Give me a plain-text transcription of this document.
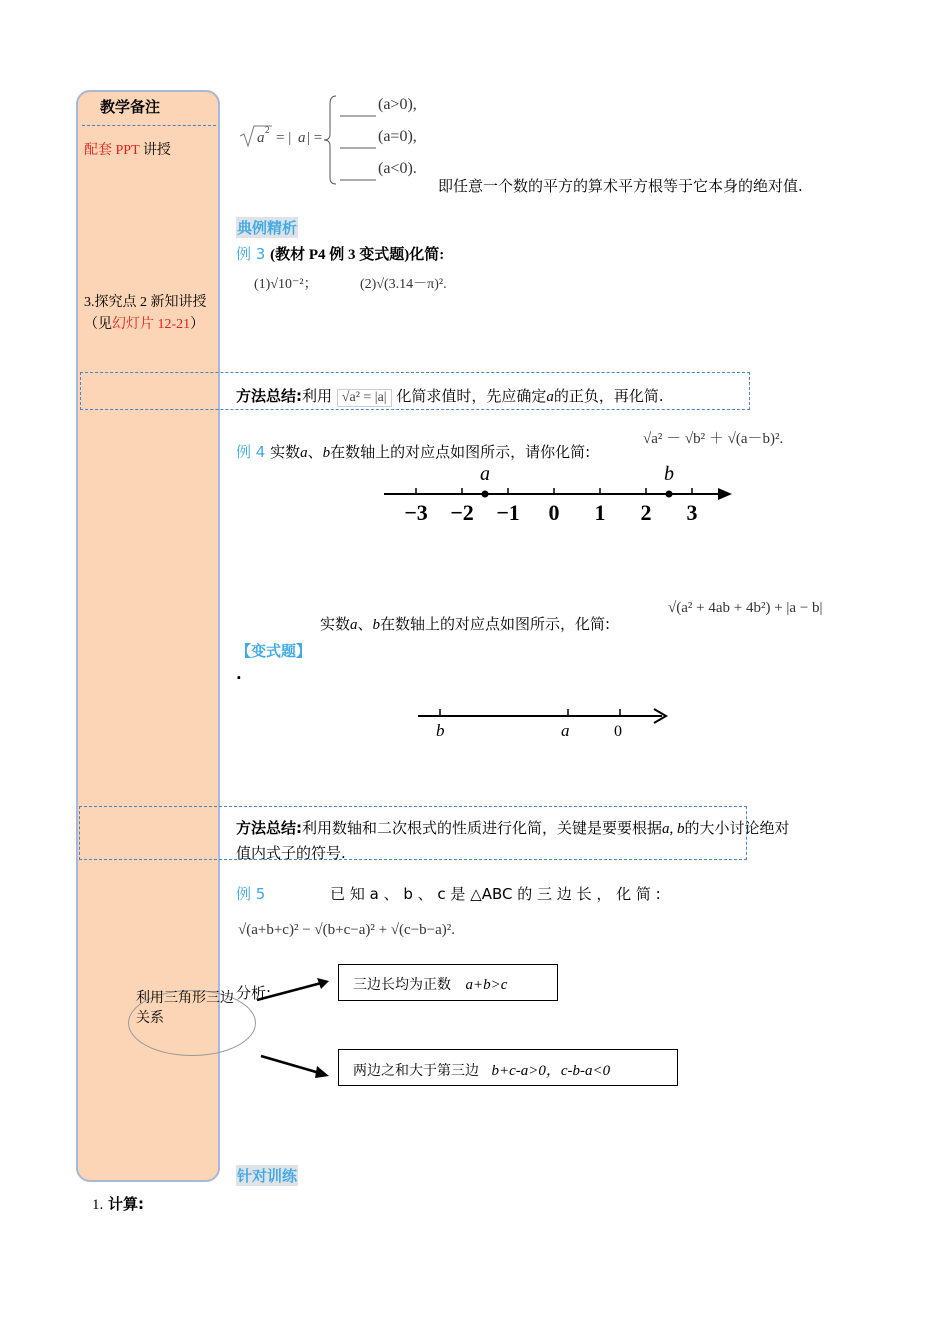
教学备注
配套 PPT 讲授
3.探究点 2 新知讲授
（见幻灯片 12-21）
a 2 = | a | =
(a>0),
(a=0),
(a<0).
即任意一个数的平方的算术平方根等于它本身的绝对值.
典例精析
例 3 (教材 P4 例 3 变式题)化简:
(1)√10⁻²；	(2)√(3.14－π)².
方法总结:利用 √a² = |a| 化简求值时，先应确定a的正负，再化简.
例 4 实数a、b在数轴上的对应点如图所示，请你化简:
√a² － √b² ＋ √(a－b)².
−3 −2 −1 0 1 2 3
a	b
实数a、b在数轴上的对应点如图所示，化简:
√(a² + 4ab + 4b²) + |a − b|
【变式题】
.
b	a	0
方法总结:利用数轴和二次根式的性质进行化简，关键是要要根据a, b的大小讨论绝对
值内式子的符号.
例 5	已 知 a 、 b 、 c 是 △ABC 的 三 边 长 ， 化 简 :
√(a+b+c)² − √(b+c−a)² + √(c−b−a)².
利用三角形三边关系
分析:	三边长均为正数 a+b>c
两边之和大于第三边 b+c-a>0，c-b-a<0
针对训练
1. 计算:
